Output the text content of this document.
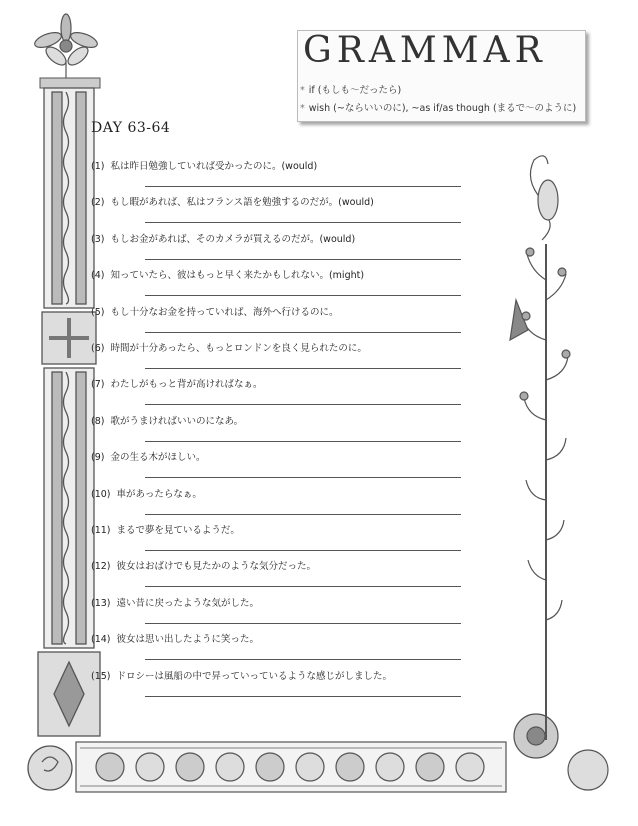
GRAMMAR
* if (もしも〜だったら)
* wish (~ならいいのに), ~as if/as though (まるで〜のように)
DAY 63-64
(1) 私は昨日勉強していれば受かったのに。(would)
(2) もし暇があれば、私はフランス語を勉強するのだが。(would)
(3) もしお金があれば、そのカメラが買えるのだが。(would)
(4) 知っていたら、彼はもっと早く来たかもしれない。(might)
(5) もし十分なお金を持っていれば、海外へ行けるのに。
(6) 時間が十分あったら、もっとロンドンを良く見られたのに。
(7) わたしがもっと背が高ければなぁ。
(8) 歌がうまければいいのになあ。
(9) 金の生る木がほしい。
(10) 車があったらなぁ。
(11) まるで夢を見ているようだ。
(12) 彼女はおばけでも見たかのような気分だった。
(13) 遠い昔に戻ったような気がした。
(14) 彼女は思い出したように笑った。
(15) ドロシーは風船の中で昇っていっているような感じがしました。
